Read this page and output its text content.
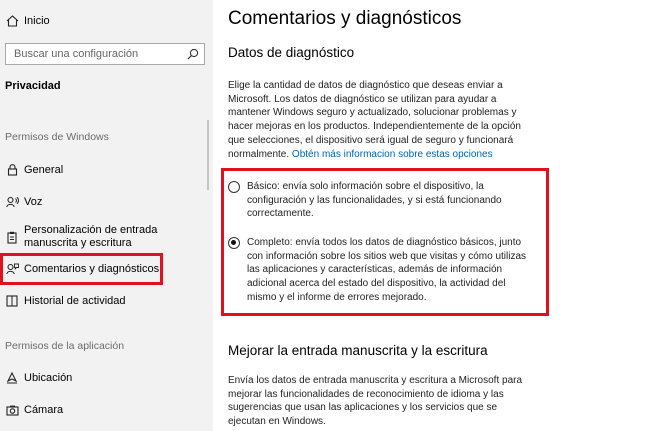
Inicio
Buscar una configuración
Privacidad
Permisos de Windows
General
Voz
Personalización de entrada manuscrita y escritura
Comentarios y diagnósticos
Historial de actividad
Permisos de la aplicación
Ubicación
Cámara
Comentarios y diagnósticos
Datos de diagnóstico
Elige la cantidad de datos de diagnóstico que deseas enviar a Microsoft. Los datos de diagnóstico se utilizan para ayudar a mantener Windows seguro y actualizado, solucionar problemas y hacer mejoras en los productos. Independientemente de la opción que selecciones, el dispositivo será igual de seguro y funcionará normalmente. Obtén más informacion sobre estas opciones
Básico: envía solo información sobre el dispositivo, la configuración y las funcionalidades, y si está funcionando correctamente.
Completo: envía todos los datos de diagnóstico básicos, junto con información sobre los sitios web que visitas y cómo utilizas las aplicaciones y características, además de información adicional acerca del estado del dispositivo, la actividad del mismo y el informe de errores mejorado.
Mejorar la entrada manuscrita y la escritura
Envía los datos de entrada manuscrita y escritura a Microsoft para mejorar las funcionalidades de reconocimiento de idioma y las sugerencias que usan las aplicaciones y los servicios que se ejecutan en Windows.
